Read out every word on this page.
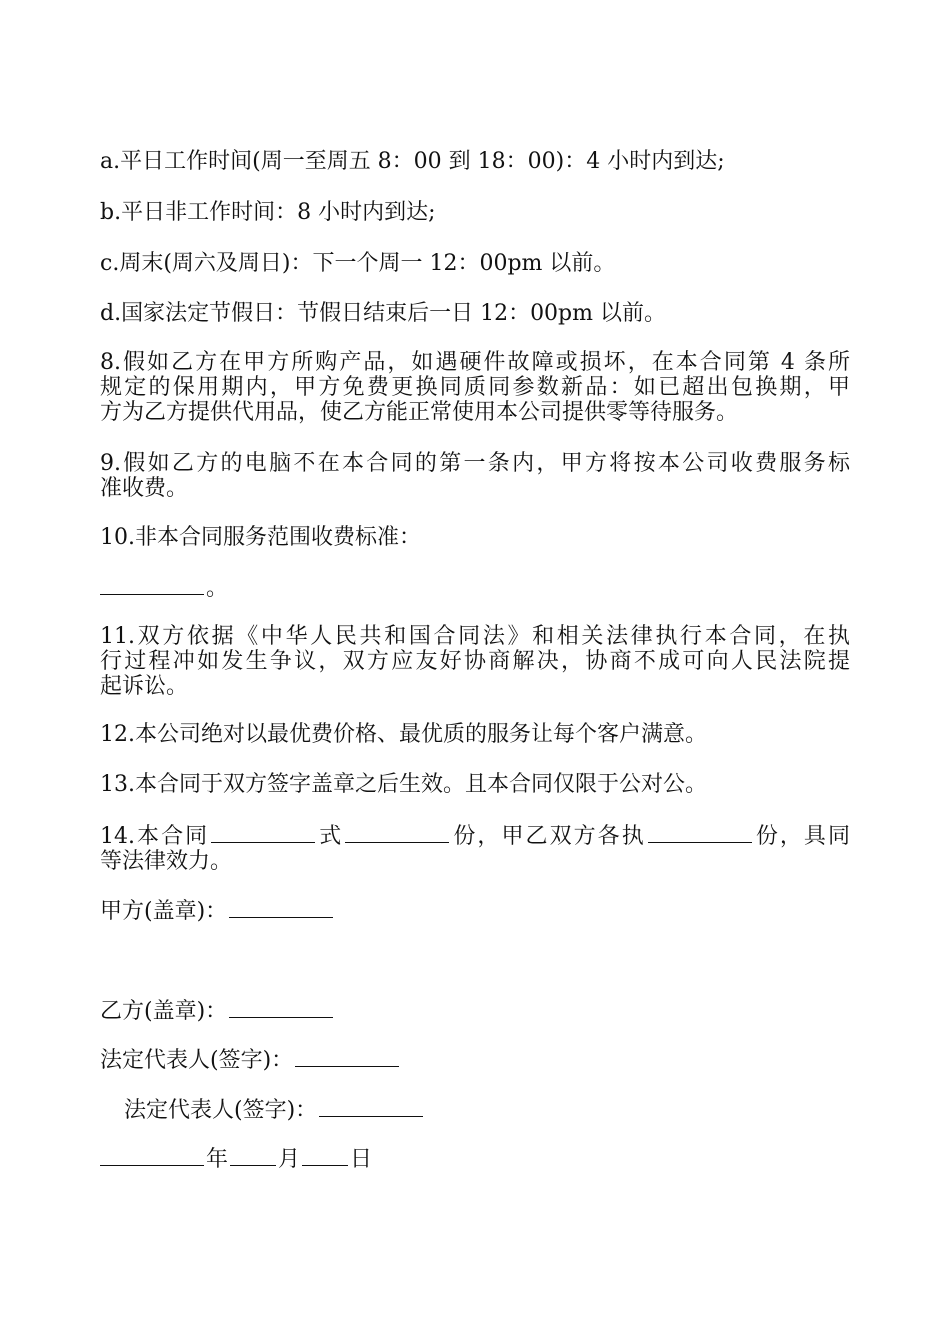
a.平日工作时间(周一至周五 8：00 到 18：00)：4 小时内到达;
b.平日非工作时间：8 小时内到达;
c.周末(周六及周日)：下一个周一 12：00pm 以前。
d.国家法定节假日：节假日结束后一日 12：00pm 以前。
8.假如乙方在甲方所购产品，如遇硬件故障或损坏，在本合同第 4 条所
规定的保用期内，甲方免费更换同质同参数新品：如已超出包换期，甲
方为乙方提供代用品，使乙方能正常使用本公司提供零等待服务。
9.假如乙方的电脑不在本合同的第一条内，甲方将按本公司收费服务标
准收费。
10.非本合同服务范围收费标准：
。
11.双方依据《中华人民共和国合同法》和相关法律执行本合同，在执
行过程冲如发生争议，双方应友好协商解决，协商不成可向人民法院提
起诉讼。
12.本公司绝对以最优费价格、最优质的服务让每个客户满意。
13.本合同于双方签字盖章之后生效。且本合同仅限于公对公。
14.本合同	式	份，甲乙双方各执	份，具同
等法律效力。
甲方(盖章)：
乙方(盖章)：
法定代表人(签字)：
法定代表人(签字)：
年 月 日
